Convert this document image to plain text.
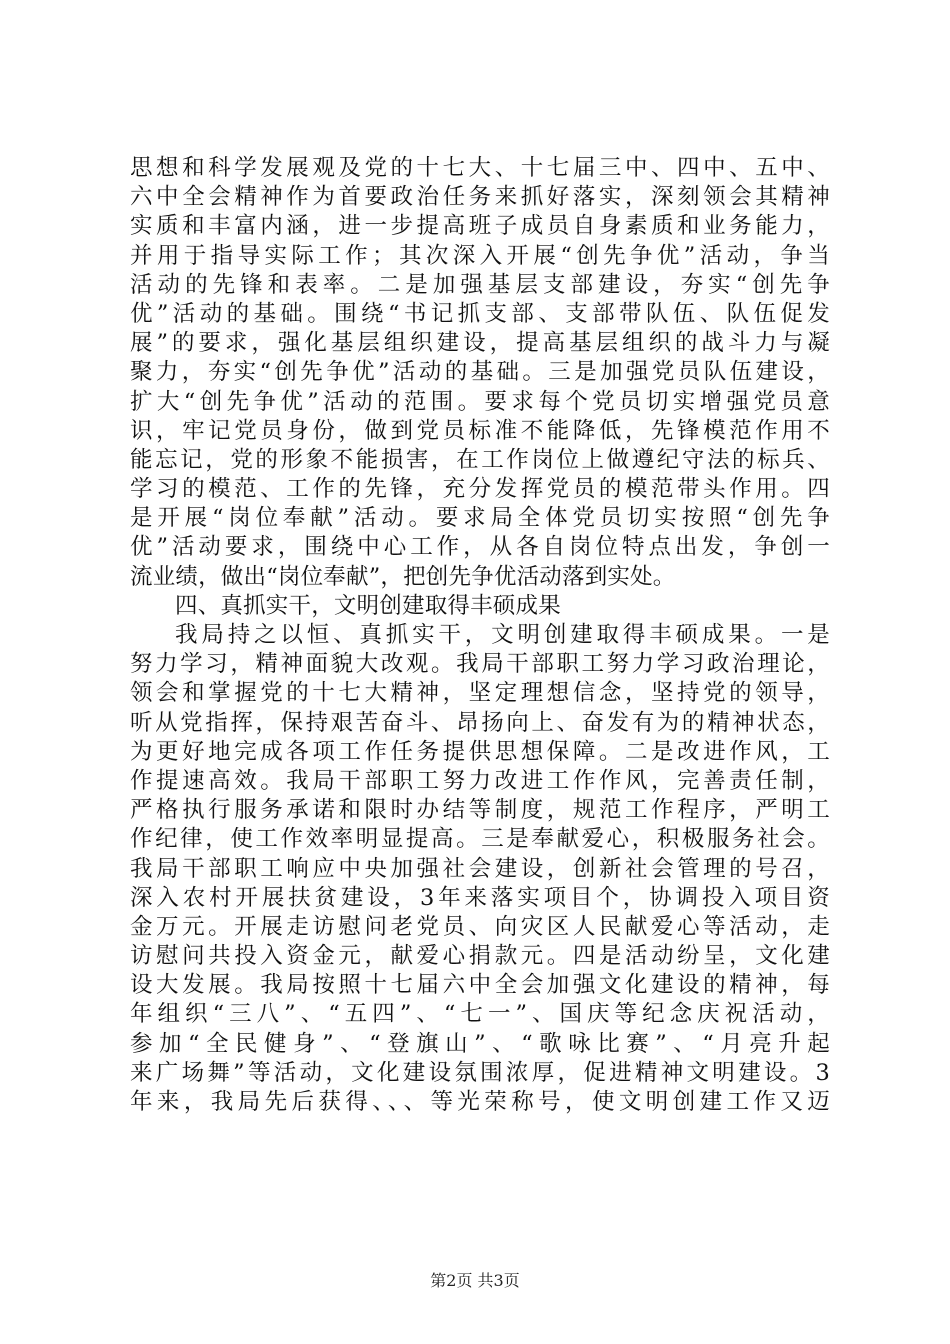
思想和科学发展观及党的十七大、十七届三中、四中、五中、
六中全会精神作为首要政治任务来抓好落实，深刻领会其精神
实质和丰富内涵，进一步提高班子成员自身素质和业务能力，
并用于指导实际工作；其次深入开展“创先争优”活动，争当
活动的先锋和表率。二是加强基层支部建设，夯实“创先争
优”活动的基础。围绕“书记抓支部、支部带队伍、队伍促发
展”的要求，强化基层组织建设，提高基层组织的战斗力与凝
聚力，夯实“创先争优”活动的基础。三是加强党员队伍建设，
扩大“创先争优”活动的范围。要求每个党员切实增强党员意
识，牢记党员身份，做到党员标准不能降低，先锋模范作用不
能忘记，党的形象不能损害，在工作岗位上做遵纪守法的标兵、
学习的模范、工作的先锋，充分发挥党员的模范带头作用。四
是开展“岗位奉献”活动。要求局全体党员切实按照“创先争
优”活动要求，围绕中心工作，从各自岗位特点出发，争创一
流业绩，做出“岗位奉献”，把创先争优活动落到实处。
四、真抓实干，文明创建取得丰硕成果
我局持之以恒、真抓实干，文明创建取得丰硕成果。一是
努力学习，精神面貌大改观。我局干部职工努力学习政治理论，
领会和掌握党的十七大精神，坚定理想信念，坚持党的领导，
听从党指挥，保持艰苦奋斗、昂扬向上、奋发有为的精神状态，
为更好地完成各项工作任务提供思想保障。二是改进作风，工
作提速高效。我局干部职工努力改进工作作风，完善责任制，
严格执行服务承诺和限时办结等制度，规范工作程序，严明工
作纪律，使工作效率明显提高。三是奉献爱心，积极服务社会。
我局干部职工响应中央加强社会建设，创新社会管理的号召，
深入农村开展扶贫建设，3年来落实项目个，协调投入项目资
金万元。开展走访慰问老党员、向灾区人民献爱心等活动，走
访慰问共投入资金元，献爱心捐款元。四是活动纷呈，文化建
设大发展。我局按照十七届六中全会加强文化建设的精神，每
年组织“三八”、“五四”、“七一”、国庆等纪念庆祝活动，
参加“全民健身”、“登旗山”、“歌咏比赛”、“月亮升起
来广场舞”等活动，文化建设氛围浓厚，促进精神文明建设。3
年来，我局先后获得、、、等光荣称号，使文明创建工作又迈
第2页 共3页
